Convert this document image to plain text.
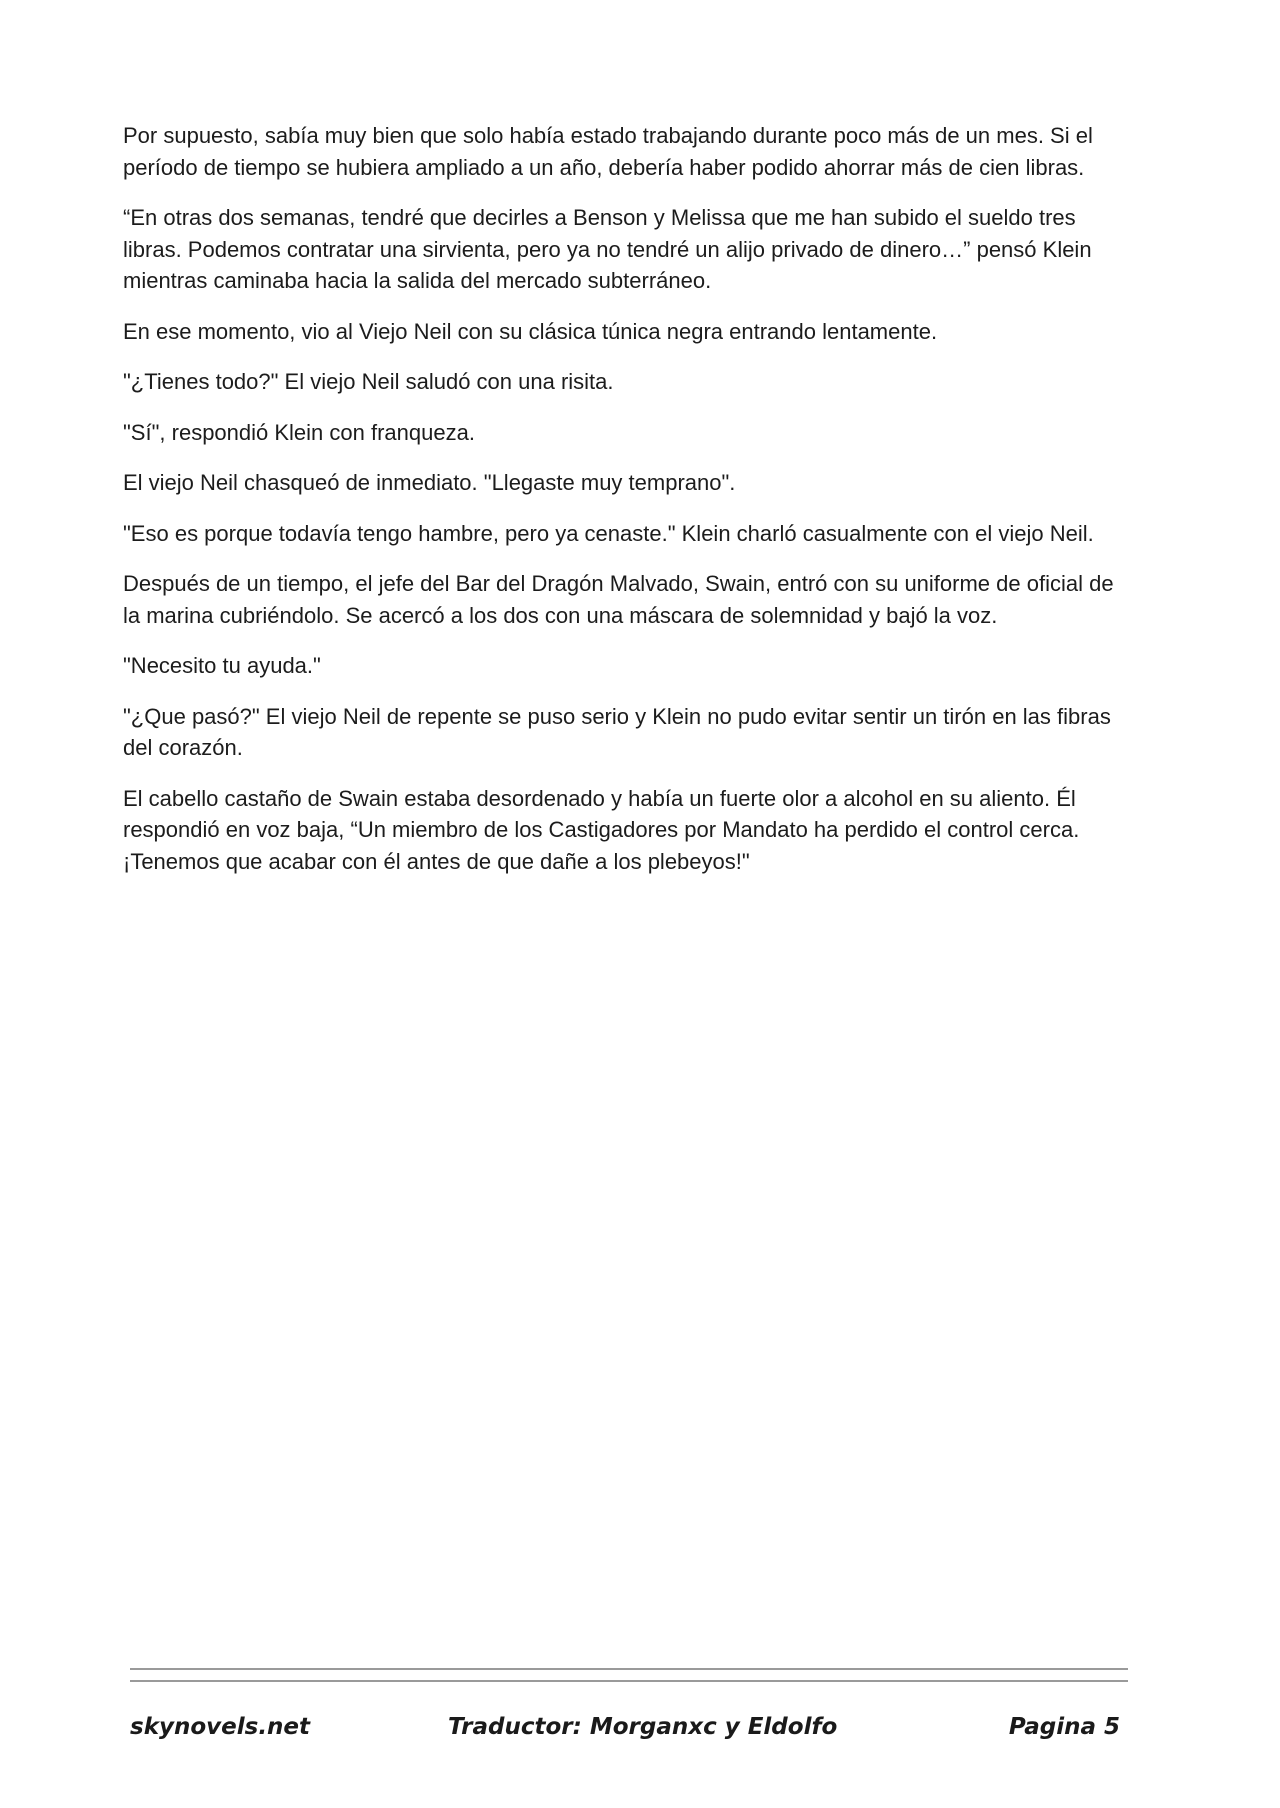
Por supuesto, sabía muy bien que solo había estado trabajando durante poco más de un mes. Si el período de tiempo se hubiera ampliado a un año, debería haber podido ahorrar más de cien libras.

“En otras dos semanas, tendré que decirles a Benson y Melissa que me han subido el sueldo tres libras. Podemos contratar una sirvienta, pero ya no tendré un alijo privado de dinero…” pensó Klein mientras caminaba hacia la salida del mercado subterráneo.

En ese momento, vio al Viejo Neil con su clásica túnica negra entrando lentamente.

"¿Tienes todo?" El viejo Neil saludó con una risita.

"Sí", respondió Klein con franqueza.

El viejo Neil chasqueó de inmediato. "Llegaste muy temprano".

"Eso es porque todavía tengo hambre, pero ya cenaste." Klein charló casualmente con el viejo Neil.

Después de un tiempo, el jefe del Bar del Dragón Malvado, Swain, entró con su uniforme de oficial de la marina cubriéndolo. Se acercó a los dos con una máscara de solemnidad y bajó la voz.

"Necesito tu ayuda."

"¿Que pasó?" El viejo Neil de repente se puso serio y Klein no pudo evitar sentir un tirón en las fibras del corazón.

El cabello castaño de Swain estaba desordenado y había un fuerte olor a alcohol en su aliento. Él respondió en voz baja, “Un miembro de los Castigadores por Mandato ha perdido el control cerca. ¡Tenemos que acabar con él antes de que dañe a los plebeyos!"

skynovels.net	Traductor: Morganxc y Eldolfo	Pagina 5
